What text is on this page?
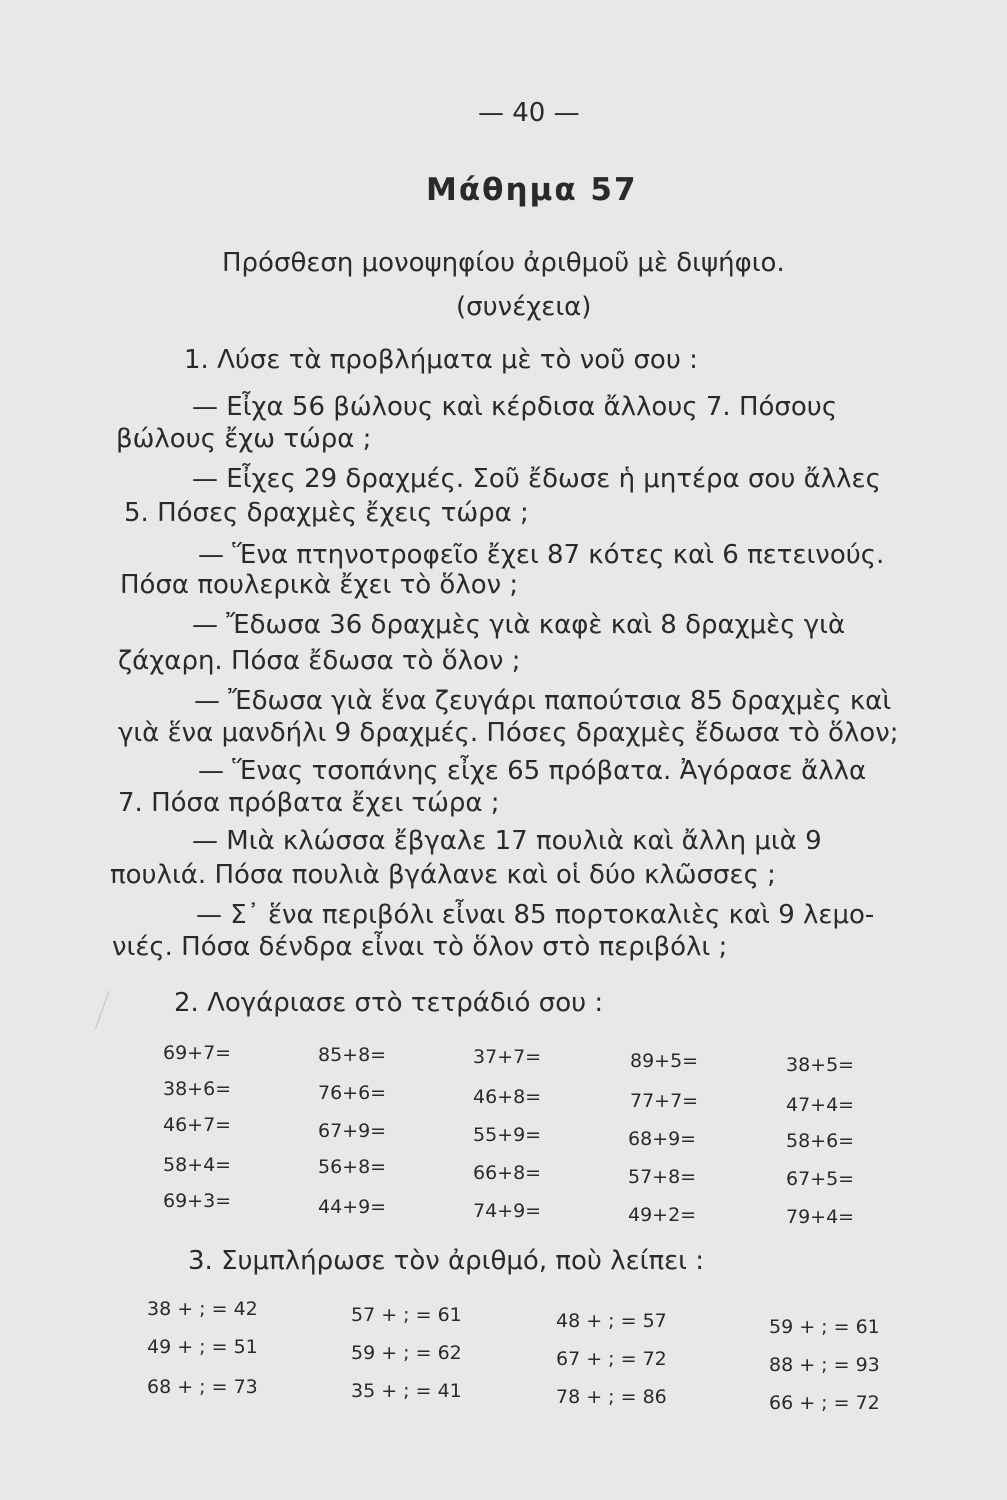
— 40 —
Μάθημα 57
Πρόσθεση μονοψηφίου ἀριθμοῦ μὲ διψήφιο.
(συνέχεια)
1. Λύσε τὰ προβλήματα μὲ τὸ νοῦ σου :
— Εἶχα 56 βώλους καὶ κέρδισα ἄλλους 7. Πόσους
βώλους ἔχω τώρα ;
— Εἶχες 29 δραχμές. Σοῦ ἔδωσε ἡ μητέρα σου ἄλλες
5. Πόσες δραχμὲς ἔχεις τώρα ;
— Ἕνα πτηνοτροφεῖο ἔχει 87 κότες καὶ 6 πετεινούς.
Πόσα πουλερικὰ ἔχει τὸ ὅλον ;
— Ἔδωσα 36 δραχμὲς γιὰ καφὲ καὶ 8 δραχμὲς γιὰ
ζάχαρη. Πόσα ἔδωσα τὸ ὅλον ;
— Ἔδωσα γιὰ ἕνα ζευγάρι παπούτσια 85 δραχμὲς καὶ
γιὰ ἕνα μανδήλι 9 δραχμές. Πόσες δραχμὲς ἔδωσα τὸ ὅλον;
— Ἕνας τσοπάνης εἶχε 65 πρόβατα. Ἀγόρασε ἄλλα
7. Πόσα πρόβατα ἔχει τώρα ;
— Μιὰ κλώσσα ἔβγαλε 17 πουλιὰ καὶ ἄλλη μιὰ 9
πουλιά. Πόσα πουλιὰ βγάλανε καὶ οἱ δύο κλῶσσες ;
— Σ᾿ ἕνα περιβόλι εἶναι 85 πορτοκαλιὲς καὶ 9 λεμο-
νιές. Πόσα δένδρα εἶναι τὸ ὅλον στὸ περιβόλι ;
2. Λογάριασε στὸ τετράδιό σου :
69+7=
38+6=
46+7=
58+4=
69+3=
85+8=
76+6=
67+9=
56+8=
44+9=
37+7=
46+8=
55+9=
66+8=
74+9=
89+5=
77+7=
68+9=
57+8=
49+2=
38+5=
47+4=
58+6=
67+5=
79+4=
3. Συμπλήρωσε τὸν ἀριθμό, ποὺ λείπει :
38 + ; = 42
49 + ; = 51
68 + ; = 73
57 + ; = 61
59 + ; = 62
35 + ; = 41
48 + ; = 57
67 + ; = 72
78 + ; = 86
59 + ; = 61
88 + ; = 93
66 + ; = 72
